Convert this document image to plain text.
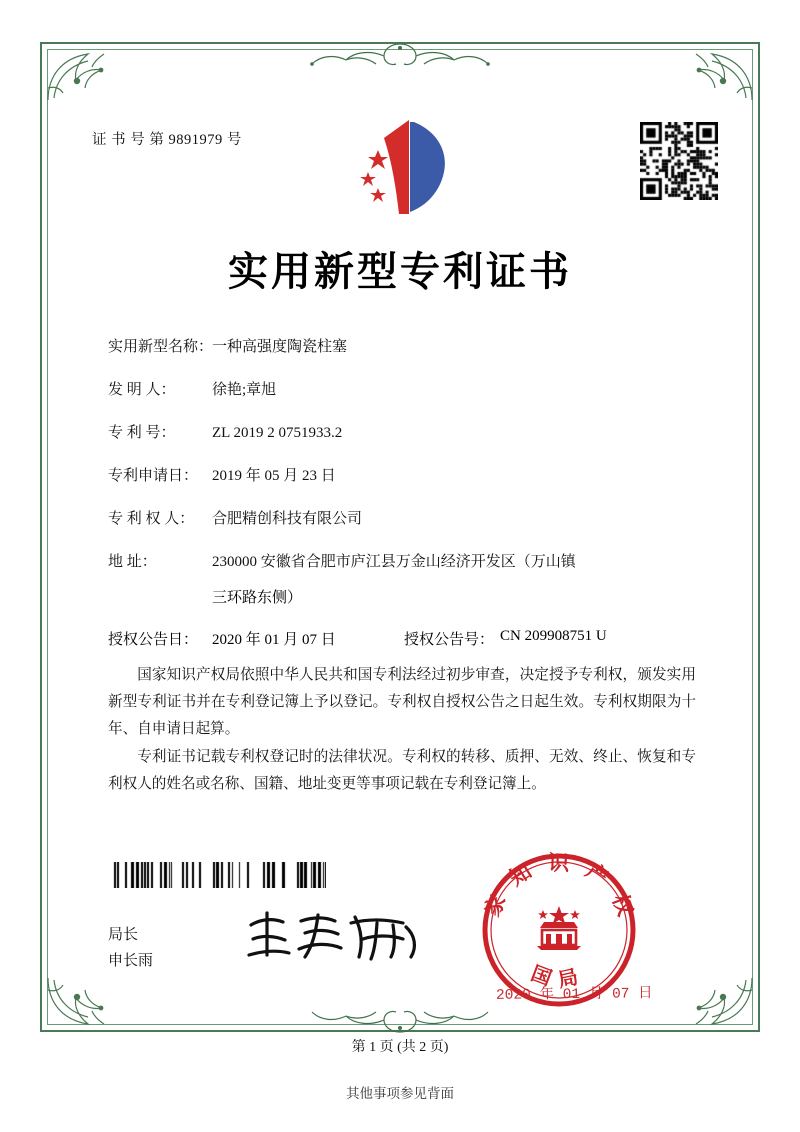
证 书 号 第 9891979 号
实用新型专利证书
实用新型名称：
一种高强度陶瓷柱塞
发 明 人：	徐艳;章旭
专 利 号：	ZL 2019 2 0751933.2
专利申请日： 2019 年 05 月 23 日
专 利 权 人：	合肥精创科技有限公司
地 址：	230000 安徽省合肥市庐江县万金山经济开发区（万山镇
三环路东侧）
授权公告日： 2020 年 01 月 07 日	授权公告号： CN 209908751 U
国家知识产权局依照中华人民共和国专利法经过初步审查，决定授予专利权，颁发实用新型专利证书并在专利登记簿上予以登记。专利权自授权公告之日起生效。专利权期限为十年、自申请日起算。
专利证书记载专利权登记时的法律状况。专利权的转移、质押、无效、终止、恢复和专利权人的姓名或名称、国籍、地址变更等事项记载在专利登记簿上。
局长
申长雨
家 知 识 产 权
国 局
2020 年 01 月 07 日
第 1 页 (共 2 页)
其他事项参见背面
